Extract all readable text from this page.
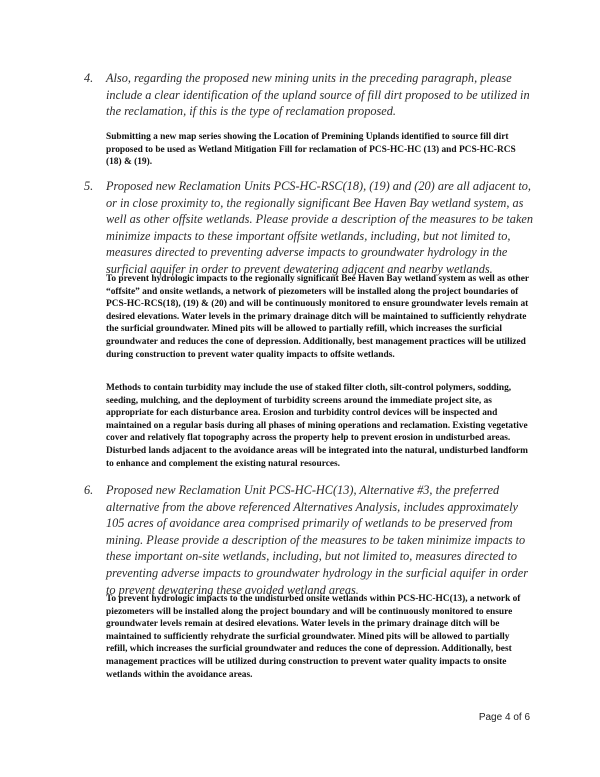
4.	Also, regarding the proposed new mining units in the preceding paragraph, please include a clear identification of the upland source of fill dirt proposed to be utilized in the reclamation, if this is the type of reclamation proposed.

Submitting a new map series showing the Location of Premining Uplands identified to source fill dirt proposed to be used as Wetland Mitigation Fill for reclamation of PCS-HC-HC (13) and PCS-HC-RCS (18) & (19).

5.	Proposed new Reclamation Units PCS-HC-RSC(18), (19) and (20) are all adjacent to, or in close proximity to, the regionally significant Bee Haven Bay wetland system, as well as other offsite wetlands. Please provide a description of the measures to be taken minimize impacts to these important offsite wetlands, including, but not limited to, measures directed to preventing adverse impacts to groundwater hydrology in the surficial aquifer in order to prevent dewatering adjacent and nearby wetlands.

To prevent hydrologic impacts to the regionally significant Bee Haven Bay wetland system as well as other “offsite” and onsite wetlands, a network of piezometers will be installed along the project boundaries of PCS-HC-RCS(18), (19) & (20) and will be continuously monitored to ensure groundwater levels remain at desired elevations. Water levels in the primary drainage ditch will be maintained to sufficiently rehydrate the surficial groundwater. Mined pits will be allowed to partially refill, which increases the surficial groundwater and reduces the cone of depression. Additionally, best management practices will be utilized during construction to prevent water quality impacts to offsite wetlands.

Methods to contain turbidity may include the use of staked filter cloth, silt-control polymers, sodding, seeding, mulching, and the deployment of turbidity screens around the immediate project site, as appropriate for each disturbance area. Erosion and turbidity control devices will be inspected and maintained on a regular basis during all phases of mining operations and reclamation. Existing vegetative cover and relatively flat topography across the property help to prevent erosion in undisturbed areas. Disturbed lands adjacent to the avoidance areas will be integrated into the natural, undisturbed landform to enhance and complement the existing natural resources.

6.	Proposed new Reclamation Unit PCS-HC-HC(13), Alternative #3, the preferred alternative from the above referenced Alternatives Analysis, includes approximately 105 acres of avoidance area comprised primarily of wetlands to be preserved from mining. Please provide a description of the measures to be taken minimize impacts to these important on-site wetlands, including, but not limited to, measures directed to preventing adverse impacts to groundwater hydrology in the surficial aquifer in order to prevent dewatering these avoided wetland areas.

To prevent hydrologic impacts to the undisturbed onsite wetlands within PCS-HC-HC(13), a network of piezometers will be installed along the project boundary and will be continuously monitored to ensure groundwater levels remain at desired elevations. Water levels in the primary drainage ditch will be maintained to sufficiently rehydrate the surficial groundwater. Mined pits will be allowed to partially refill, which increases the surficial groundwater and reduces the cone of depression. Additionally, best management practices will be utilized during construction to prevent water quality impacts to onsite wetlands within the avoidance areas.

Page 4 of 6
